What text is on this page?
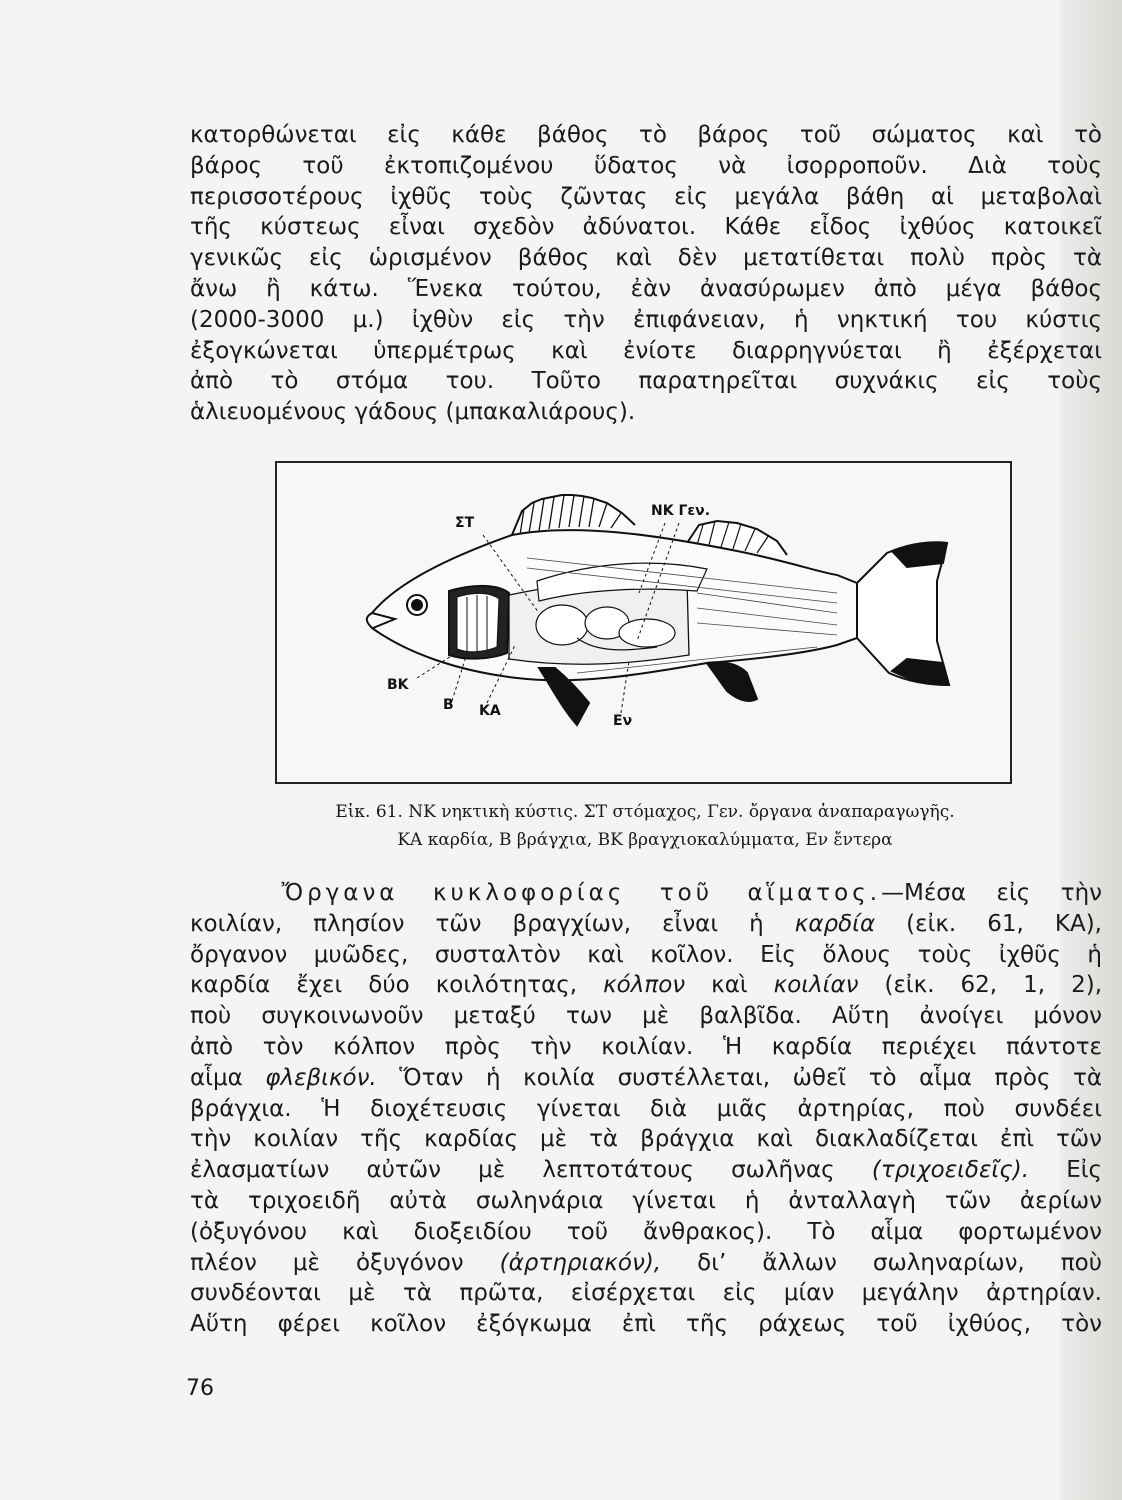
κατορθώνεται εἰς κάθε βάθος τὸ βάρος τοῦ σώματος καὶ τὸ
βάρος τοῦ ἐκτοπιζομένου ὕδατος νὰ ἰσορροποῦν. Διὰ τοὺς
περισσοτέρους ἰχθῦς τοὺς ζῶντας εἰς μεγάλα βάθη αἱ μεταβολαὶ
τῆς κύστεως εἶναι σχεδὸν ἀδύνατοι. Κάθε εἶδος ἰχθύος κατοικεῖ
γενικῶς εἰς ὡρισμένον βάθος καὶ δὲν μετατίθεται πολὺ πρὸς τὰ
ἄνω ἢ κάτω. Ἕνεκα τούτου, ἐὰν ἀνασύρωμεν ἀπὸ μέγα βάθος
(2000-3000 μ.) ἰχθὺν εἰς τὴν ἐπιφάνειαν, ἡ νηκτική του κύστις
ἐξογκώνεται ὑπερμέτρως καὶ ἐνίοτε διαρρηγνύεται ἢ ἐξέρχεται
ἀπὸ τὸ στόμα του. Τοῦτο παρατηρεῖται συχνάκις εἰς τοὺς
ἁλιευομένους γάδους (μπακαλιάρους).

ΣΤ
ΝΚ Γεν.
ΒΚ
Β ΚΑ
Εν
Εἰκ. 61. ΝΚ νηκτικὴ κύστις. ΣΤ στόμαχος, Γεν. ὄργανα ἀναπαραγωγῆς.
ΚΑ καρδία, Β βράγχια, ΒΚ βραγχιοκαλύμματα, Εν ἔντερα

Ὄργανα κυκλοφορίας τοῦ αἵματος.—Μέσα εἰς τὴν
κοιλίαν, πλησίον τῶν βραγχίων, εἶναι ἡ καρδία (εἰκ. 61, ΚΑ),
ὄργανον μυῶδες, συσταλτὸν καὶ κοῖλον. Εἰς ὅλους τοὺς ἰχθῦς ἡ
καρδία ἔχει δύο κοιλότητας, κόλπον καὶ κοιλίαν (εἰκ. 62, 1, 2),
ποὺ συγκοινωνοῦν μεταξύ των μὲ βαλβῖδα. Αὕτη ἀνοίγει μόνον
ἀπὸ τὸν κόλπον πρὸς τὴν κοιλίαν. Ἡ καρδία περιέχει πάντοτε
αἷμα φλεβικόν. Ὅταν ἡ κοιλία συστέλλεται, ὠθεῖ τὸ αἷμα πρὸς τὰ
βράγχια. Ἡ διοχέτευσις γίνεται διὰ μιᾶς ἀρτηρίας, ποὺ συνδέει
τὴν κοιλίαν τῆς καρδίας μὲ τὰ βράγχια καὶ διακλαδίζεται ἐπὶ τῶν
ἐλασματίων αὐτῶν μὲ λεπτοτάτους σωλῆνας (τριχοειδεῖς). Εἰς
τὰ τριχοειδῆ αὐτὰ σωληνάρια γίνεται ἡ ἀνταλλαγὴ τῶν ἀερίων
(ὀξυγόνου καὶ διοξειδίου τοῦ ἄνθρακος). Τὸ αἷμα φορτωμένον
πλέον μὲ ὀξυγόνον (ἀρτηριακόν), δι’ ἄλλων σωληναρίων, ποὺ
συνδέονται μὲ τὰ πρῶτα, εἰσέρχεται εἰς μίαν μεγάλην ἀρτηρίαν.
Αὕτη φέρει κοῖλον ἐξόγκωμα ἐπὶ τῆς ράχεως τοῦ ἰχθύος, τὸν

76
